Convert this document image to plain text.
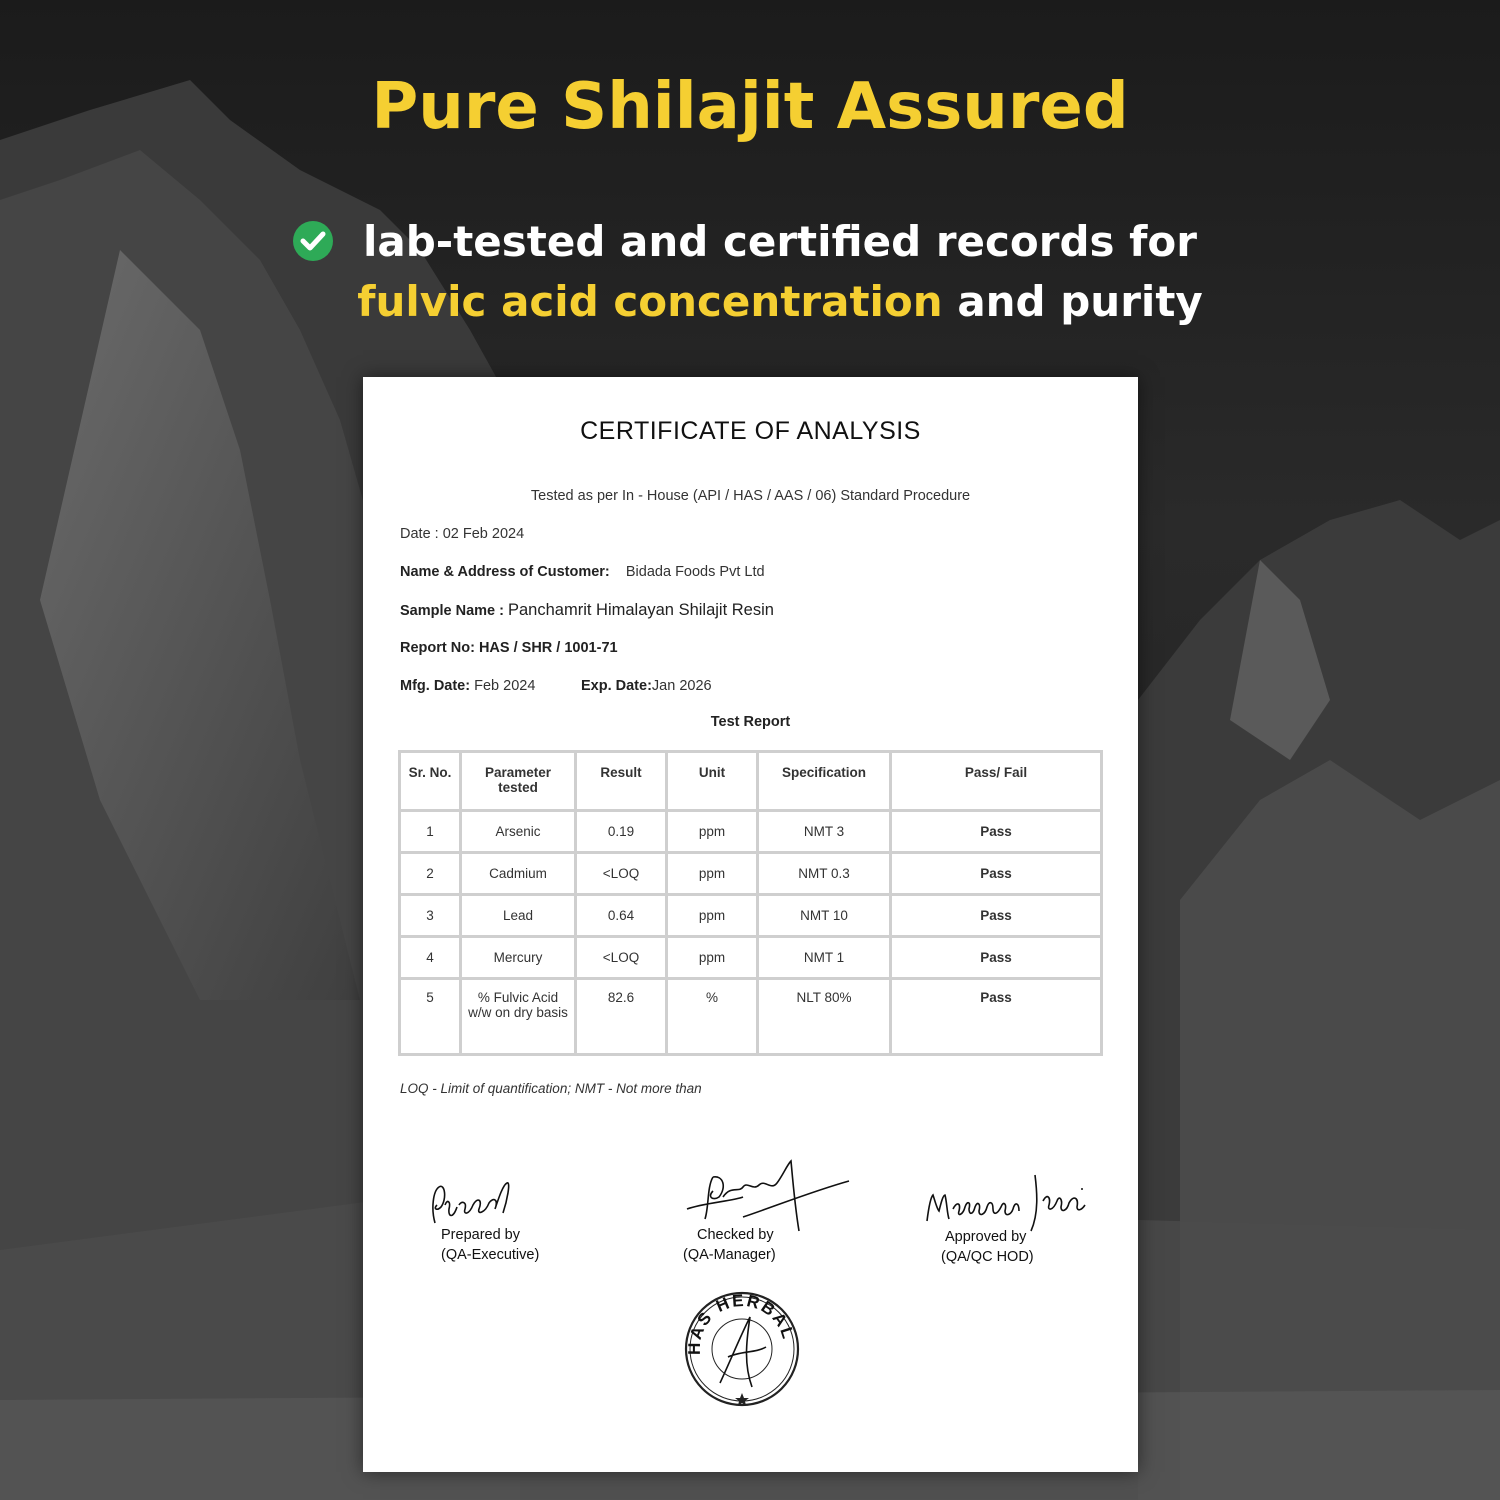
Pure Shilajit Assured
lab-tested and certified records for
fulvic acid concentration and purity
CERTIFICATE OF ANALYSIS
Tested as per In - House (API / HAS / AAS / 06) Standard Procedure
Date : 02 Feb 2024
Name & Address of Customer: Bidada Foods Pvt Ltd
Sample Name : Panchamrit Himalayan Shilajit Resin
Report No: HAS / SHR / 1001-71
Mfg. Date: Feb 2024	Exp. Date:Jan 2026
Test Report
Sr. No.	Parameter tested	Result	Unit	Specification	Pass/ Fail
1	Arsenic	0.19	ppm	NMT 3	Pass
2	Cadmium	<LOQ	ppm	NMT 0.3	Pass
3	Lead	0.64	ppm	NMT 10	Pass
4	Mercury	<LOQ	ppm	NMT 1	Pass
5	% Fulvic Acid w/w on dry basis	82.6	%	NLT 80%	Pass
LOQ - Limit of quantification; NMT - Not more than
Prepared by
(QA-Executive)
Checked by
(QA-Manager)
Approved by
(QA/QC HOD)
HAS HERBAL
